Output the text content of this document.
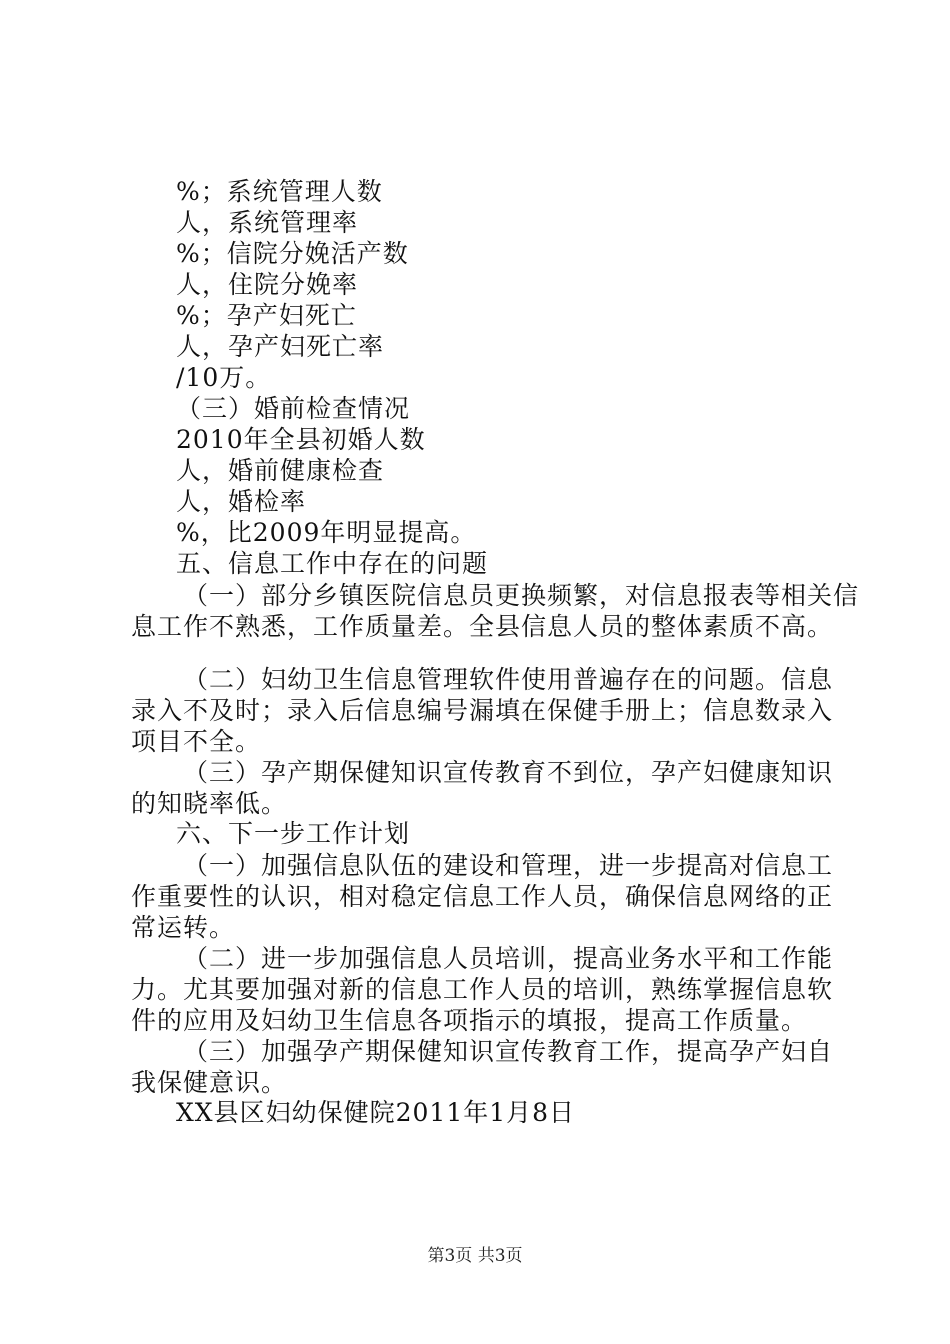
%；系统管理人数

人，系统管理率

%；信院分娩活产数

人，住院分娩率

%；孕产妇死亡

人，孕产妇死亡率

/10万。

（三）婚前检查情况

2010年全县初婚人数

人，婚前健康检查

人，婚检率

%，比2009年明显提高。

五、信息工作中存在的问题

（一）部分乡镇医院信息员更换频繁，对信息报表等相关信息工作不熟悉，工作质量差。全县信息人员的整体素质不高。

（二）妇幼卫生信息管理软件使用普遍存在的问题。信息录入不及时；录入后信息编号漏填在保健手册上；信息数录入项目不全。

（三）孕产期保健知识宣传教育不到位，孕产妇健康知识的知晓率低。

六、下一步工作计划

（一）加强信息队伍的建设和管理，进一步提高对信息工作重要性的认识，相对稳定信息工作人员，确保信息网络的正常运转。

（二）进一步加强信息人员培训，提高业务水平和工作能力。尤其要加强对新的信息工作人员的培训，熟练掌握信息软件的应用及妇幼卫生信息各项指示的填报，提高工作质量。

（三）加强孕产期保健知识宣传教育工作，提高孕产妇自我保健意识。

XX县区妇幼保健院2011年1月8日

第3页 共3页
